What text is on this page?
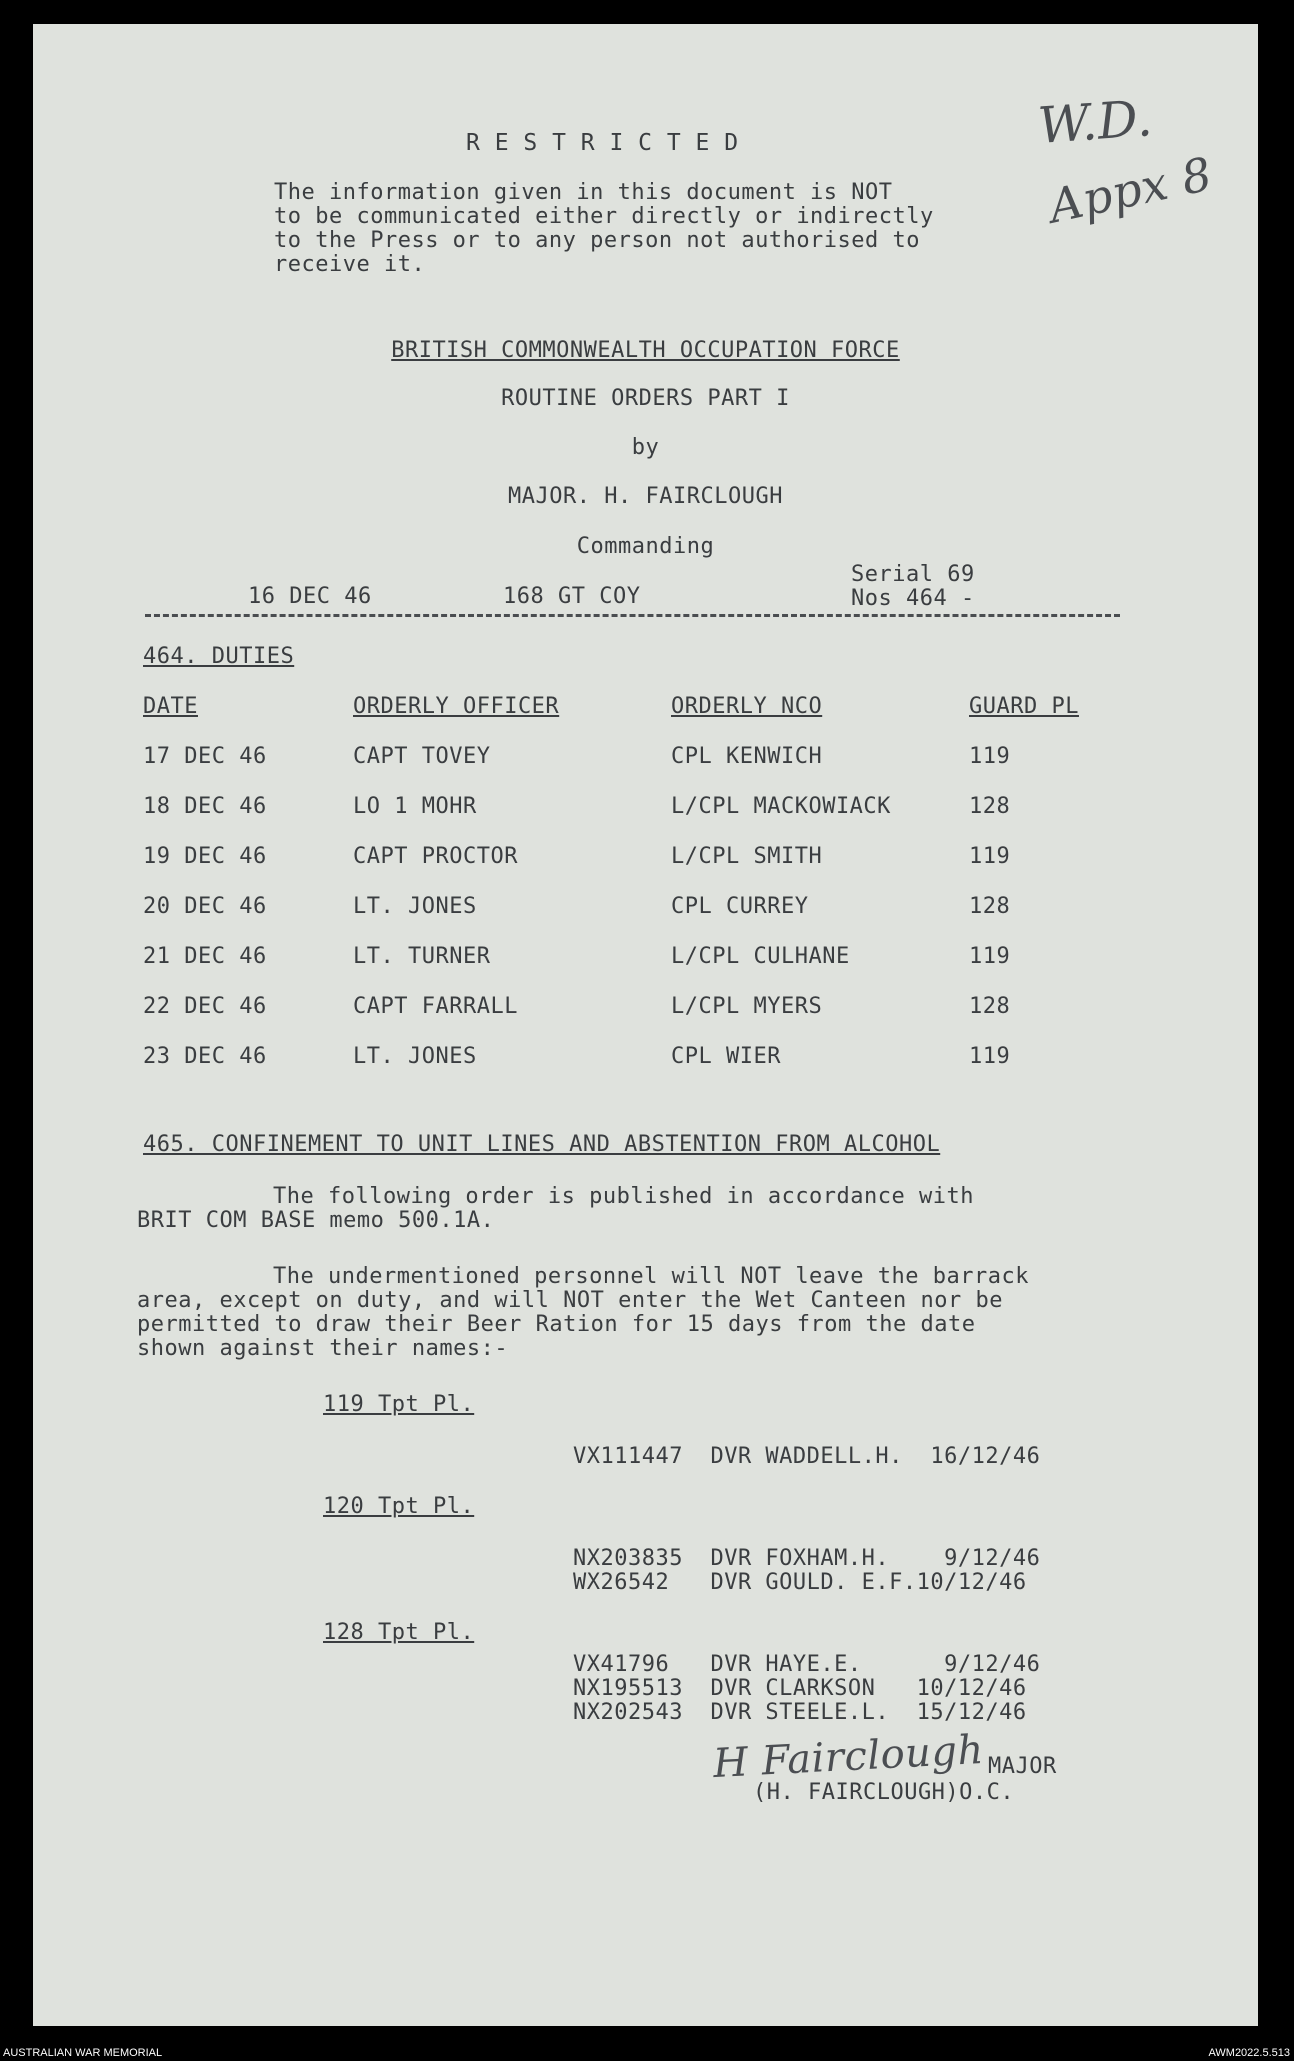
R E S T R I C T E D
The information given in this document is NOT
to be communicated either directly or indirectly
to the Press or to any person not authorised to
receive it.
W.D.
Appx 8
BRITISH COMMONWEALTH OCCUPATION FORCE
ROUTINE ORDERS PART I
by
MAJOR. H. FAIRCLOUGH
Commanding
16 DEC 46	168 GT COY
Serial 69
Nos 464 -
464. DUTIES
DATE	ORDERLY OFFICER	ORDERLY NCO	GUARD PL
17 DEC 46	CAPT TOVEY	CPL KENWICH	119
18 DEC 46	LO 1 MOHR	L/CPL MACKOWIACK	128
19 DEC 46	CAPT PROCTOR	L/CPL SMITH	119
20 DEC 46	LT. JONES	CPL CURREY	128
21 DEC 46	LT. TURNER	L/CPL CULHANE	119
22 DEC 46	CAPT FARRALL	L/CPL MYERS	128
23 DEC 46	LT. JONES	CPL WIER	119
465. CONFINEMENT TO UNIT LINES AND ABSTENTION FROM ALCOHOL
The following order is published in accordance with
BRIT COM BASE memo 500.1A.
The undermentioned personnel will NOT leave the barrack
area, except on duty, and will NOT enter the Wet Canteen nor be
permitted to draw their Beer Ration for 15 days from the date
shown against their names:-
119 Tpt Pl.
VX111447  DVR WADDELL.H.  16/12/46
120 Tpt Pl.
NX203835  DVR FOXHAM.H.    9/12/46
WX26542   DVR GOULD. E.F.10/12/46
128 Tpt Pl.
VX41796   DVR HAYE.E.      9/12/46
NX195513  DVR CLARKSON   10/12/46
NX202543  DVR STEELE.L.  15/12/46
H Fairclough MAJOR
(H. FAIRCLOUGH)O.C.
AUSTRALIAN WAR MEMORIAL	AWM2022.5.513
